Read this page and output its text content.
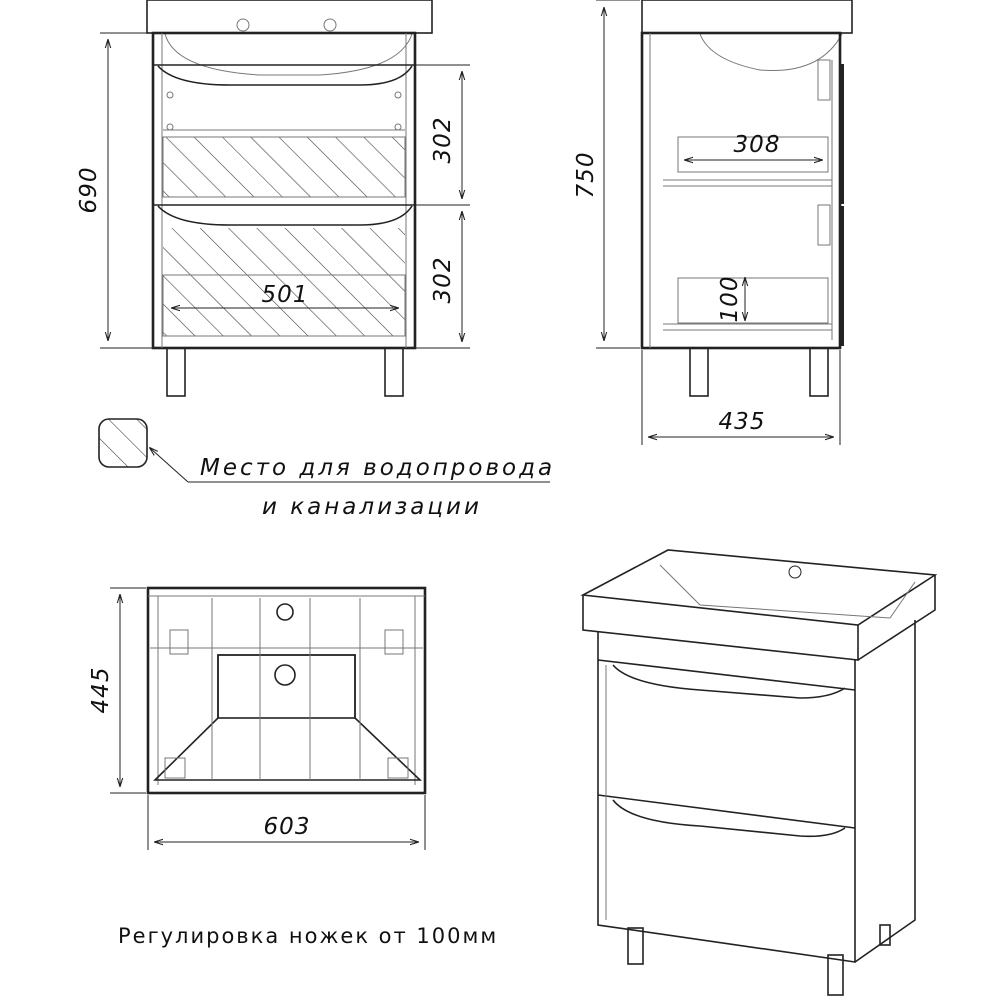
690
302
302
501
750
308
100
435
Место для водопровода
и канализации
445
603
Регулировка ножек от 100мм
